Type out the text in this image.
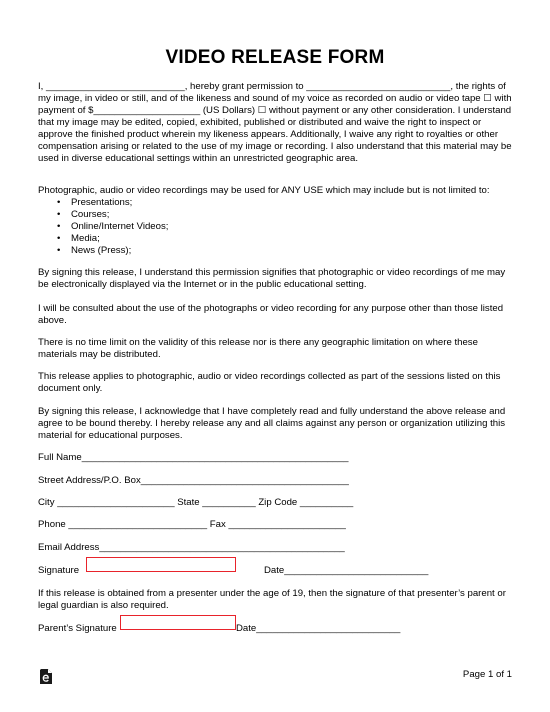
VIDEO RELEASE FORM
I, __________________________, hereby grant permission to ___________________________, the rights of my image, in video or still, and of the likeness and sound of my voice as recorded on audio or video tape ☐ with payment of $____________________ (US Dollars) ☐ without payment or any other consideration. I understand that my image may be edited, copied, exhibited, published or distributed and waive the right to inspect or approve the finished product wherein my likeness appears. Additionally, I waive any right to royalties or other compensation arising or related to the use of my image or recording. I also understand that this material may be used in diverse educational settings within an unrestricted geographic area.
Photographic, audio or video recordings may be used for ANY USE which may include but is not limited to:
• Presentations;
• Courses;
• Online/Internet Videos;
• Media;
• News (Press);
By signing this release, I understand this permission signifies that photographic or video recordings of me may be electronically displayed via the Internet or in the public educational setting.
I will be consulted about the use of the photographs or video recording for any purpose other than those listed above.
There is no time limit on the validity of this release nor is there any geographic limitation on where these materials may be distributed.
This release applies to photographic, audio or video recordings collected as part of the sessions listed on this document only.
By signing this release, I acknowledge that I have completely read and fully understand the above release and agree to be bound thereby. I hereby release any and all claims against any person or organization utilizing this material for educational purposes.
Full Name__________________________________________________
Street Address/P.O. Box_______________________________________
City ______________________ State __________ Zip Code __________
Phone __________________________ Fax ______________________
Email Address______________________________________________
Signature	Date___________________________
If this release is obtained from a presenter under the age of 19, then the signature of that presenter’s parent or legal guardian is also required.
Parent’s Signature	Date___________________________
Page 1 of 1
